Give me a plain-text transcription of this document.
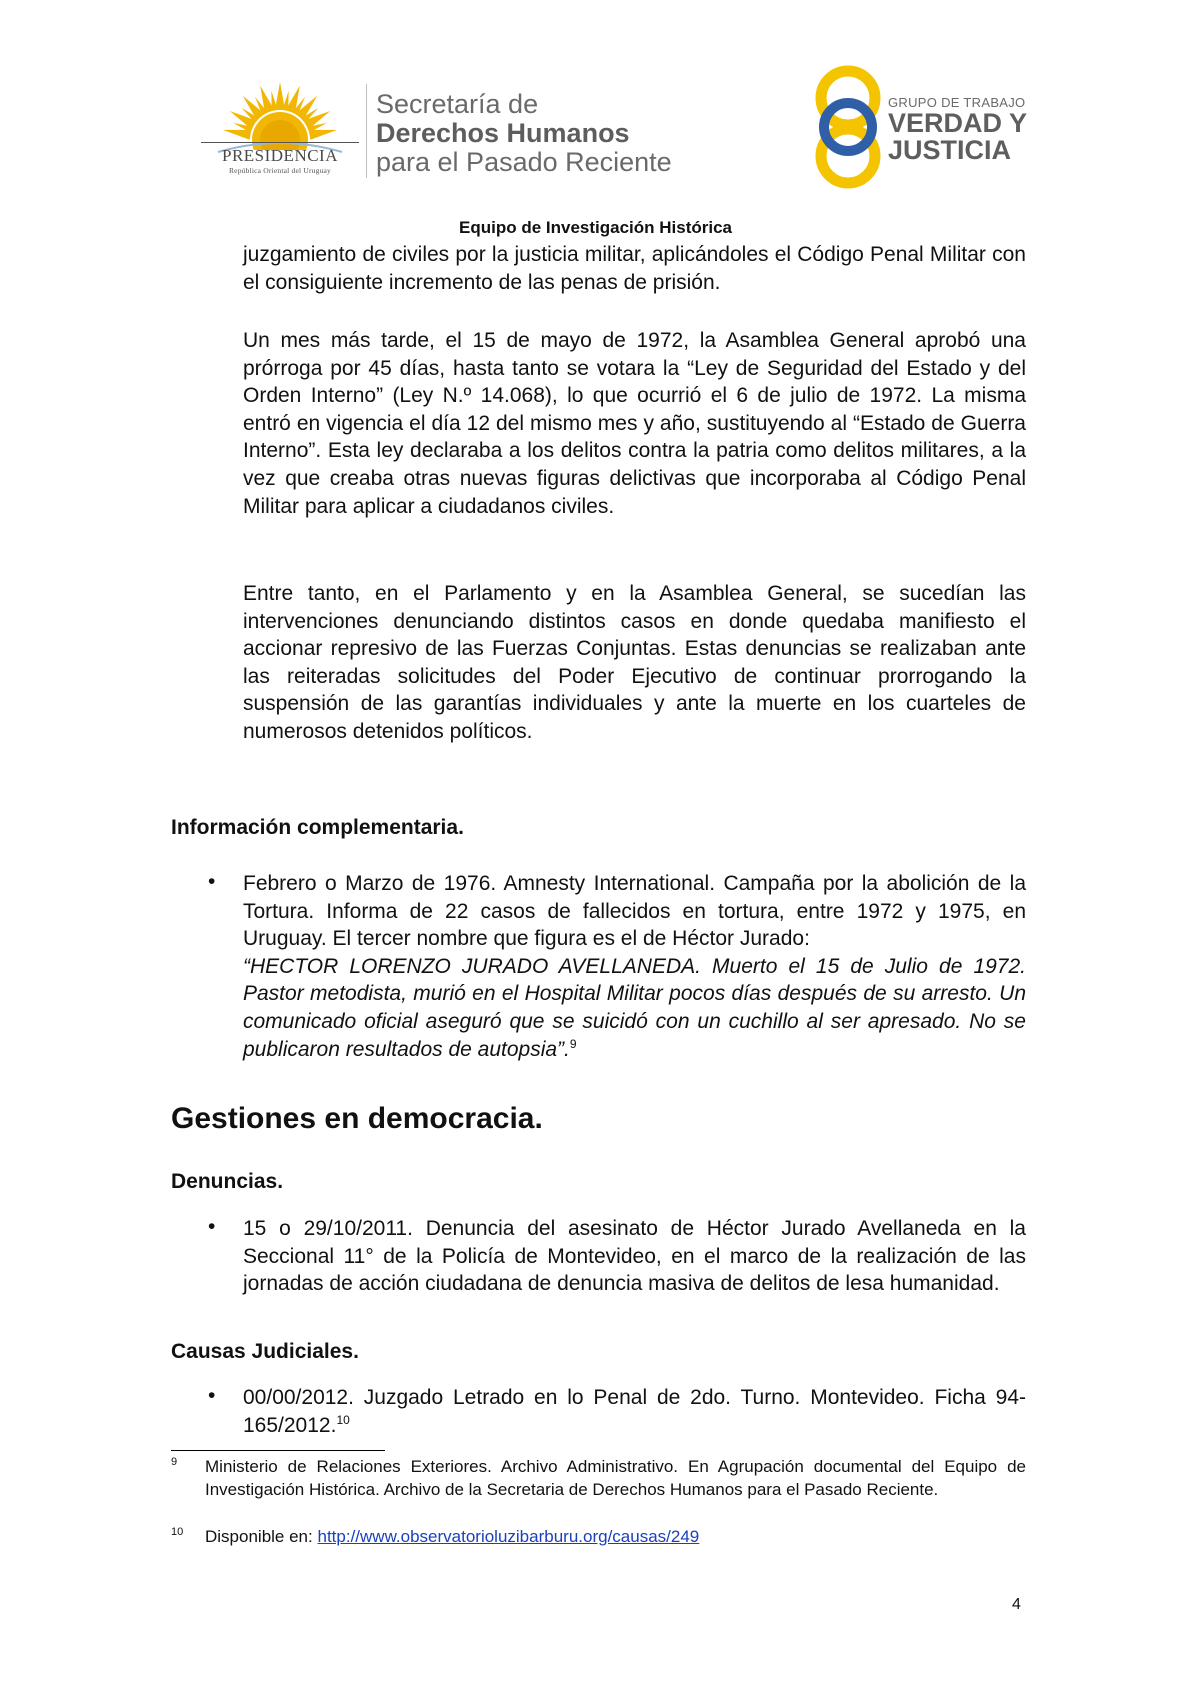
PRESIDENCIA
República Oriental del Uruguay
Secretaría de
Derechos Humanos
para el Pasado Reciente
GRUPO DE TRABAJO
VERDAD Y
JUSTICIA
Equipo de Investigación Histórica

juzgamiento de civiles por la justicia militar, aplicándoles el Código Penal Militar con el consiguiente incremento de las penas de prisión.

Un mes más tarde, el 15 de mayo de 1972, la Asamblea General aprobó una prórroga por 45 días, hasta tanto se votara la “Ley de Seguridad del Estado y del Orden Interno” (Ley N.º 14.068), lo que ocurrió el 6 de julio de 1972. La misma entró en vigencia el día 12 del mismo mes y año, sustituyendo al “Estado de Guerra Interno”. Esta ley declaraba a los delitos contra la patria como delitos militares, a la vez que creaba otras nuevas figuras delictivas que incorporaba al Código Penal Militar para aplicar a ciudadanos civiles.

Entre tanto, en el Parlamento y en la Asamblea General, se sucedían las intervenciones denunciando distintos casos en donde quedaba manifiesto el accionar represivo de las Fuerzas Conjuntas. Estas denuncias se realizaban ante las reiteradas solicitudes del Poder Ejecutivo de continuar prorrogando la suspensión de las garantías individuales y ante la muerte en los cuarteles de numerosos detenidos políticos.

Información complementaria.
• Febrero o Marzo de 1976. Amnesty International. Campaña por la abolición de la Tortura. Informa de 22 casos de fallecidos en tortura, entre 1972 y 1975, en Uruguay. El tercer nombre que figura es el de Héctor Jurado:
“HECTOR LORENZO JURADO AVELLANEDA. Muerto el 15 de Julio de 1972. Pastor metodista, murió en el Hospital Militar pocos días después de su arresto. Un comunicado oficial aseguró que se suicidó con un cuchillo al ser apresado. No se publicaron resultados de autopsia”.$^9$

Gestiones en democracia.
Denuncias.
• 15 o 29/10/2011. Denuncia del asesinato de Héctor Jurado Avellaneda en la Seccional 11° de la Policía de Montevideo, en el marco de la realización de las jornadas de acción ciudadana de denuncia masiva de delitos de lesa humanidad.

Causas Judiciales.
• 00/00/2012. Juzgado Letrado en lo Penal de 2do. Turno. Montevideo. Ficha 94-165/2012.10

9 Ministerio de Relaciones Exteriores. Archivo Administrativo. En Agrupación documental del Equipo de Investigación Histórica. Archivo de la Secretaria de Derechos Humanos para el Pasado Reciente.
10 Disponible en: http://www.observatorioluzibarburu.org/causas/249
4
